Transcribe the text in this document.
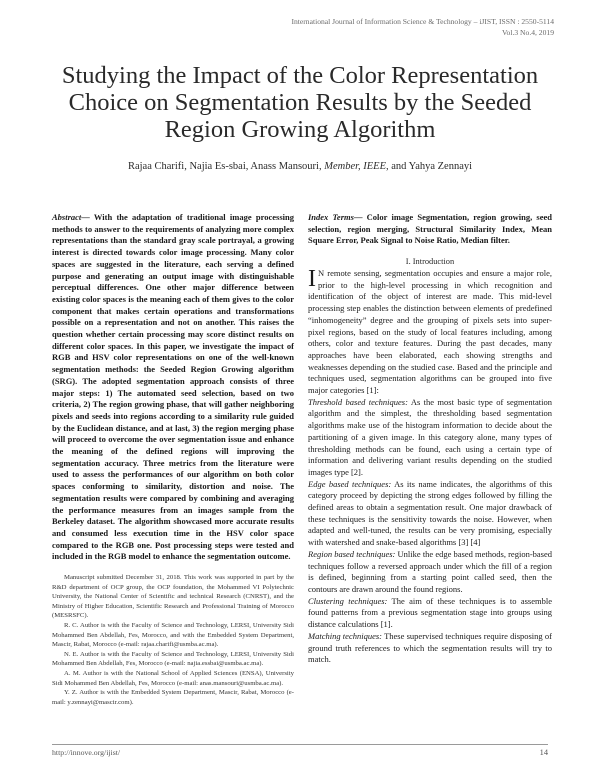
International Journal of Information Science & Technology – iJIST, ISSN : 2550-5114
Vol.3 No.4, 2019
Studying the Impact of the Color Representation Choice on Segmentation Results by the Seeded Region Growing Algorithm
Rajaa Charifi, Najia Es-sbai, Anass Mansouri, Member, IEEE, and Yahya Zennayi

Abstract— With the adaptation of traditional image processing methods to answer to the requirements of analyzing more complex representations than the standard gray scale portrayal, a growing interest is directed towards color image processing. Many color spaces are suggested in the literature, each serving a defined purpose and generating an output image with distinguishable perceptual differences. One other major difference between existing color spaces is the meaning each of them gives to the color component that makes certain operations and transformations possible on a representation and not on another. This raises the question whether certain processing may score distinct results on different color spaces. In this paper, we investigate the impact of RGB and HSV color representations on one of the well-known segmentation methods: the Seeded Region Growing algorithm (SRG). The adopted segmentation approach consists of three major steps: 1) The automated seed selection, based on two criteria, 2) The region growing phase, that will gather neighboring pixels and seeds into regions according to a similarity rule guided by the Euclidean distance, and at last, 3) the region merging phase will proceed to overcome the over segmentation issue and enhance the meaning of the defined regions will improving the segmentation accuracy. Three metrics from the literature were used to assess the performances of our algorithm on both color spaces conforming to similarity, distortion and noise. The segmentation results were compared by combining and averaging the performance measures from an images sample from the Berkeley dataset. The algorithm showcased more accurate results and consumed less execution time in the HSV color space compared to the RGB one. Post processing steps were tested and included in the RGB model to enhance the segmentation outcome.

Index Terms— Color image Segmentation, region growing, seed selection, region merging, Structural Similarity Index, Mean Square Error, Peak Signal to Noise Ratio, Median filter.

I. Introduction

I N remote sensing, segmentation occupies and ensure a major role, prior to the high-level processing in which recognition and identification of the object of interest are made. This mid-level processing step enables the distinction between elements of predefined “inhomogeneity” degree and the grouping of pixels sets into super-pixel regions, based on the study of local features including, among others, color and texture features. During the past decades, many approaches have been elaborated, each showing strengths and weaknesses depending on the studied case. Based and the principle and techniques used, segmentation algorithms can be grouped into five major categories [1]:

Threshold based techniques: As the most basic type of segmentation algorithm and the simplest, the thresholding based segmentation algorithms make use of the histogram information to decide about the partitioning of a given image. In this category alone, many types of thresholding methods can be found, each using a certain type of information and delivering variant results depending on the studied images type [2].

Edge based techniques: As its name indicates, the algorithms of this category proceed by depicting the strong edges followed by filling the defined areas to obtain a segmentation result. One major drawback of these techniques is the sensitivity towards the noise. However, when adapted and well-tuned, the results can be very promising, especially with watershed and snake-based algorithms [3] [4]

Region based techniques: Unlike the edge based methods, region-based techniques follow a reversed approach under which the fill of a region is defined, beginning from a starting point called seed, then the contours are drawn around the found regions.

Clustering techniques: The aim of these techniques is to assemble found patterns from a previous segmentation stage into groups using distance calculations [1].

Matching techniques: These supervised techniques require disposing of ground truth references to which the segmentation results will try to match.

Manuscript submitted December 31, 2018. This work was supported in part by the R&D department of OCP group, the OCP foundation, the Mohammed VI Polytechnic University, the National Center of Scientific and technical Research (CNRST), and the Ministry of Higher Education, Scientific Research and Professional Training of Morocco (MESRSFC).

R. C. Author is with the Faculty of Science and Technology, LERSI, University Sidi Mohammed Ben Abdellah, Fes, Morocco, and with the Embedded System Department, Mascir, Rabat, Morocco (e-mail: rajaa.charifi@usmba.ac.ma).

N. E. Author is with the Faculty of Science and Technology, LERSI, University Sidi Mohammed Ben Abdellah, Fes, Morocco (e-mail: najia.essbai@usmba.ac.ma).

A. M. Author is with the National School of Applied Sciences (ENSA), University Sidi Mohammed Ben Abdellah, Fes, Morocco (e-mail: anas.mansouri@usmba.ac.ma).

Y. Z. Author is with the Embedded System Department, Mascir, Rabat, Morocco (e-mail: y.zennayi@mascir.com).

http://innove.org/ijist/	14
